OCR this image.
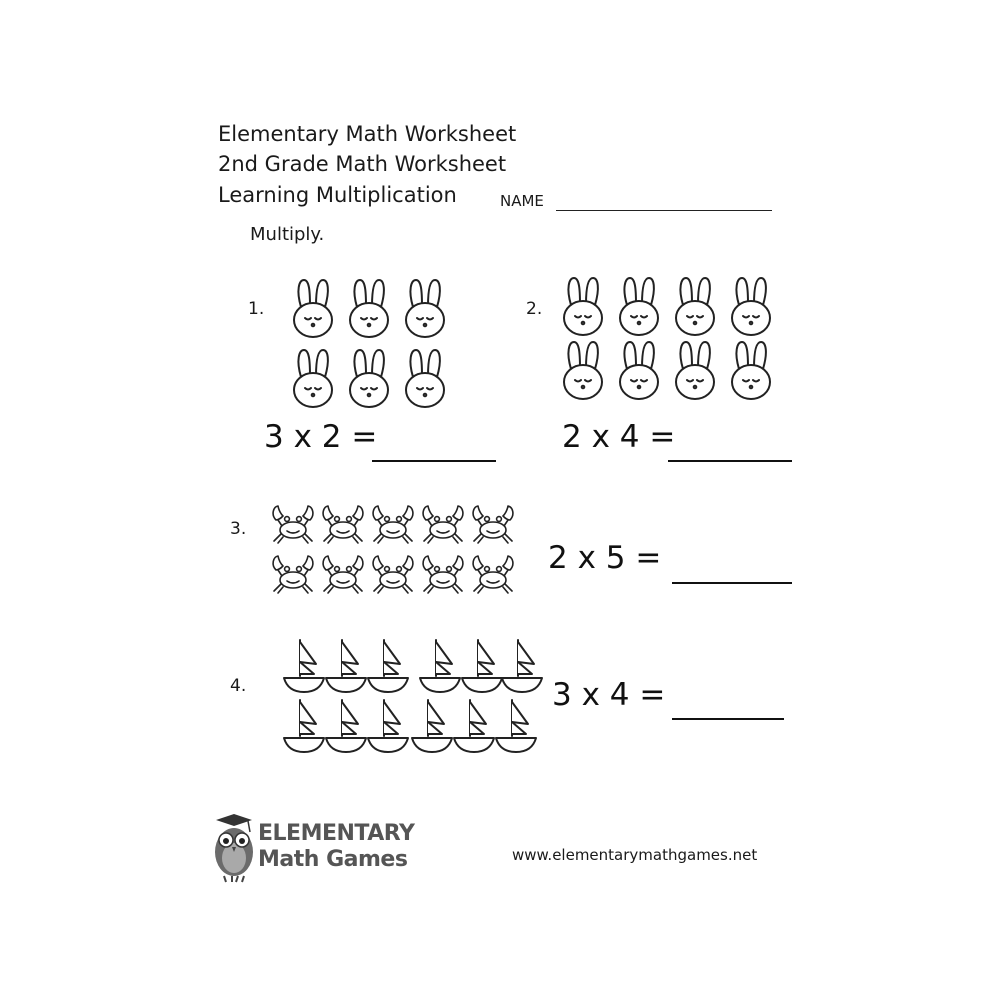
Elementary Math Worksheet
2nd Grade Math Worksheet
Learning Multiplication	NAME
Multiply.
1.
3 x 2 =
2.
2 x 4 =
3.
2 x 5 =
4.	3 x 4 =
ELEMENTARY
Math Games	www.elementarymathgames.net
